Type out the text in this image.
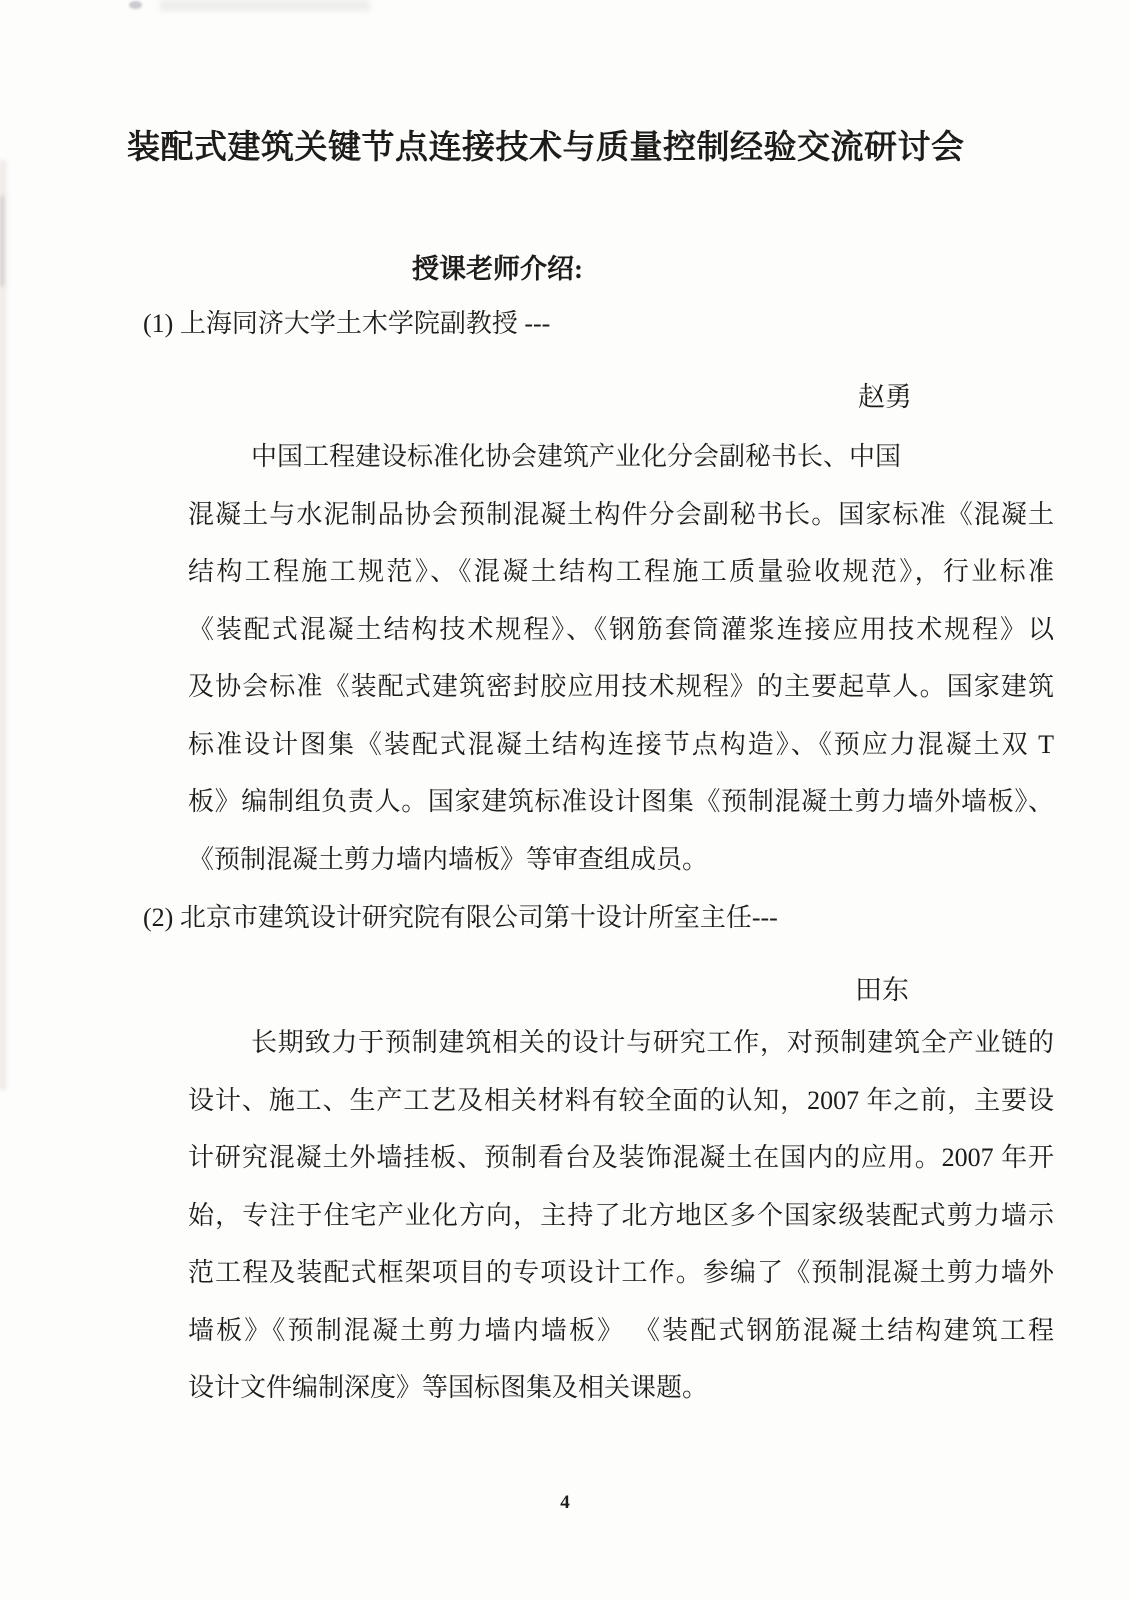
装配式建筑关键节点连接技术与质量控制经验交流研讨会
授课老师介绍:
(1) 上海同济大学土木学院副教授 ---
赵勇
中国工程建设标准化协会建筑产业化分会副秘书长、中国
混凝土与水泥制品协会预制混凝土构件分会副秘书长。国家标准《混凝土
结构工程施工规范》、《混凝土结构工程施工质量验收规范》，行业标准
《装配式混凝土结构技术规程》、《钢筋套筒灌浆连接应用技术规程》以
及协会标准《装配式建筑密封胶应用技术规程》的主要起草人。国家建筑
标准设计图集《装配式混凝土结构连接节点构造》、《预应力混凝土双 T
板》编制组负责人。国家建筑标准设计图集《预制混凝土剪力墙外墙板》、
《预制混凝土剪力墙内墙板》等审查组成员。
(2) 北京市建筑设计研究院有限公司第十设计所室主任---
田东
长期致力于预制建筑相关的设计与研究工作，对预制建筑全产业链的
设计、施工、生产工艺及相关材料有较全面的认知，2007 年之前，主要设
计研究混凝土外墙挂板、预制看台及装饰混凝土在国内的应用。2007 年开
始，专注于住宅产业化方向，主持了北方地区多个国家级装配式剪力墙示
范工程及装配式框架项目的专项设计工作。参编了《预制混凝土剪力墙外
墙板》《预制混凝土剪力墙内墙板》 《装配式钢筋混凝土结构建筑工程
设计文件编制深度》等国标图集及相关课题。
4
